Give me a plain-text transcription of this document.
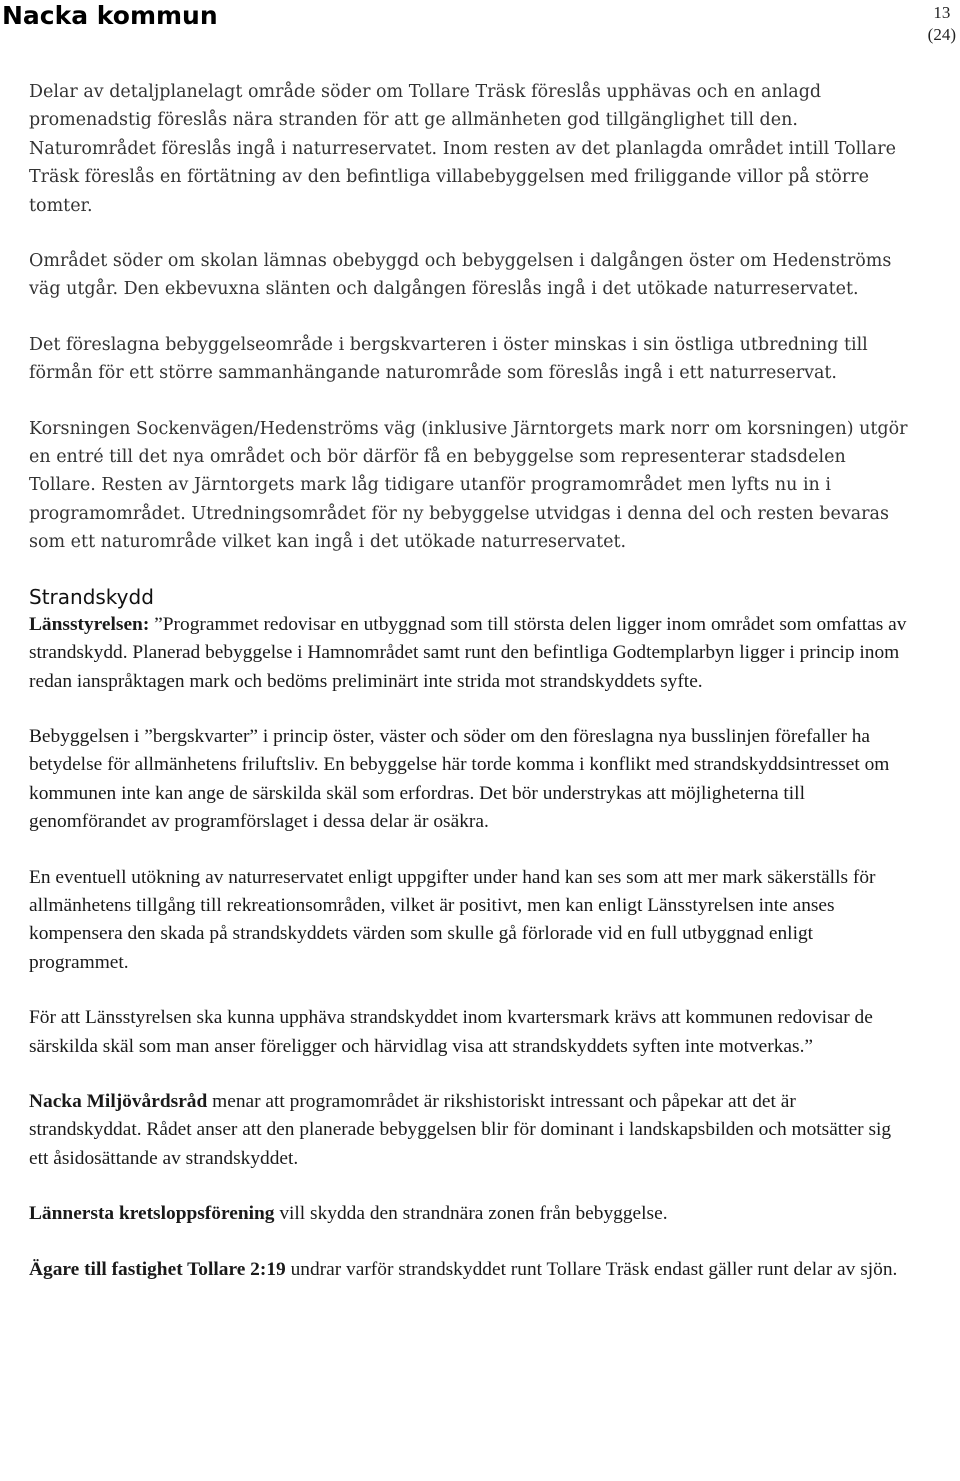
Nacka kommun	13
(24)

Delar av detaljplanelagt område söder om Tollare Träsk föreslås upphävas och en anlagd promenadstig föreslås nära stranden för att ge allmänheten god tillgänglighet till den. Naturområdet föreslås ingå i naturreservatet. Inom resten av det planlagda området intill Tollare Träsk föreslås en förtätning av den befintliga villabebyggelsen med friliggande villor på större tomter.

Området söder om skolan lämnas obebyggd och bebyggelsen i dalgången öster om Hedenströms väg utgår. Den ekbevuxna slänten och dalgången föreslås ingå i det utökade naturreservatet.

Det föreslagna bebyggelseområde i bergskvarteren i öster minskas i sin östliga utbredning till förmån för ett större sammanhängande naturområde som föreslås ingå i ett naturreservat.

Korsningen Sockenvägen/Hedenströms väg (inklusive Järntorgets mark norr om korsningen) utgör en entré till det nya området och bör därför få en bebyggelse som representerar stadsdelen Tollare. Resten av Järntorgets mark låg tidigare utanför programområdet men lyfts nu in i programområdet. Utredningsområdet för ny bebyggelse utvidgas i denna del och resten bevaras som ett naturområde vilket kan ingå i det utökade naturreservatet.

Strandskydd

Länsstyrelsen: ”Programmet redovisar en utbyggnad som till största delen ligger inom området som omfattas av strandskydd. Planerad bebyggelse i Hamnområdet samt runt den befintliga Godtemplarbyn ligger i princip inom redan ianspråktagen mark och bedöms preliminärt inte strida mot strandskyddets syfte.

Bebyggelsen i ”bergskvarter” i princip öster, väster och söder om den föreslagna nya busslinjen förefaller ha betydelse för allmänhetens friluftsliv. En bebyggelse här torde komma i konflikt med strandskyddsintresset om kommunen inte kan ange de särskilda skäl som erfordras. Det bör understrykas att möjligheterna till genomförandet av programförslaget i dessa delar är osäkra.

En eventuell utökning av naturreservatet enligt uppgifter under hand kan ses som att mer mark säkerställs för allmänhetens tillgång till rekreationsområden, vilket är positivt, men kan enligt Länsstyrelsen inte anses kompensera den skada på strandskyddets värden som skulle gå förlorade vid en full utbyggnad enligt programmet.

För att Länsstyrelsen ska kunna upphäva strandskyddet inom kvartersmark krävs att kommunen redovisar de särskilda skäl som man anser föreligger och härvidlag visa att strandskyddets syften inte motverkas.”

Nacka Miljövårdsråd menar att programområdet är rikshistoriskt intressant och påpekar att det är strandskyddat. Rådet anser att den planerade bebyggelsen blir för dominant i landskapsbilden och motsätter sig ett åsidosättande av strandskyddet.

Lännersta kretsloppsförening vill skydda den strandnära zonen från bebyggelse.

Ägare till fastighet Tollare 2:19 undrar varför strandskyddet runt Tollare Träsk endast gäller runt delar av sjön.
